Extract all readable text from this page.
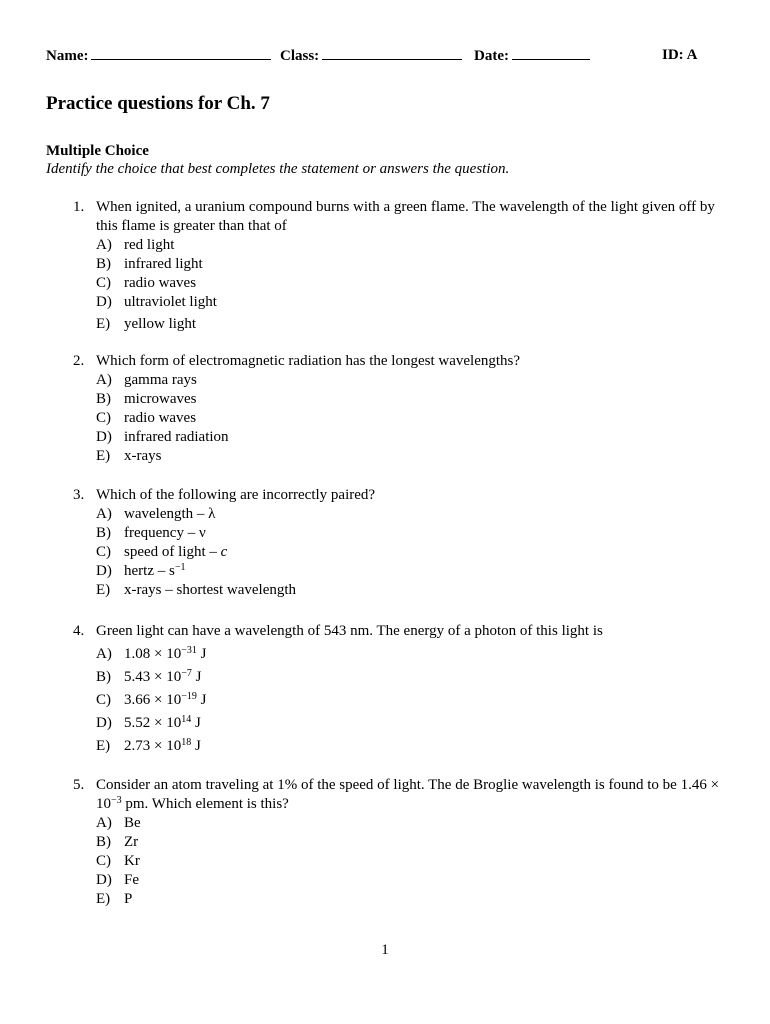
Name:	Class:	Date:	ID: A
Practice questions for Ch. 7
Multiple Choice
Identify the choice that best completes the statement or answers the question.
1. When ignited, a uranium compound burns with a green flame. The wavelength of the light given off by this flame is greater than that of
A) red light
B) infrared light
C) radio waves
D) ultraviolet light
E) yellow light
2. Which form of electromagnetic radiation has the longest wavelengths?
A) gamma rays
B) microwaves
C) radio waves
D) infrared radiation
E) x-rays
3. Which of the following are incorrectly paired?
A) wavelength – λ
B) frequency – ν
C) speed of light – c
D) hertz – $s^{-1}$
E) x-rays – shortest wavelength
4. Green light can have a wavelength of 543 nm. The energy of a photon of this light is
A) $1.08 \times 10^{-31}$ J
B) $5.43 \times 10^{-7}$ J
C) $3.66 \times 10^{-19}$ J
D) $5.52 \times 10^{14}$ J
E) $2.73 \times 10^{18}$ J
5. Consider an atom traveling at 1% of the speed of light. The de Broglie wavelength is found to be 1.46 ×
$10^{-3}$ pm. Which element is this?
A) Be
B) Zr
C) Kr
D) Fe
E) P
1
